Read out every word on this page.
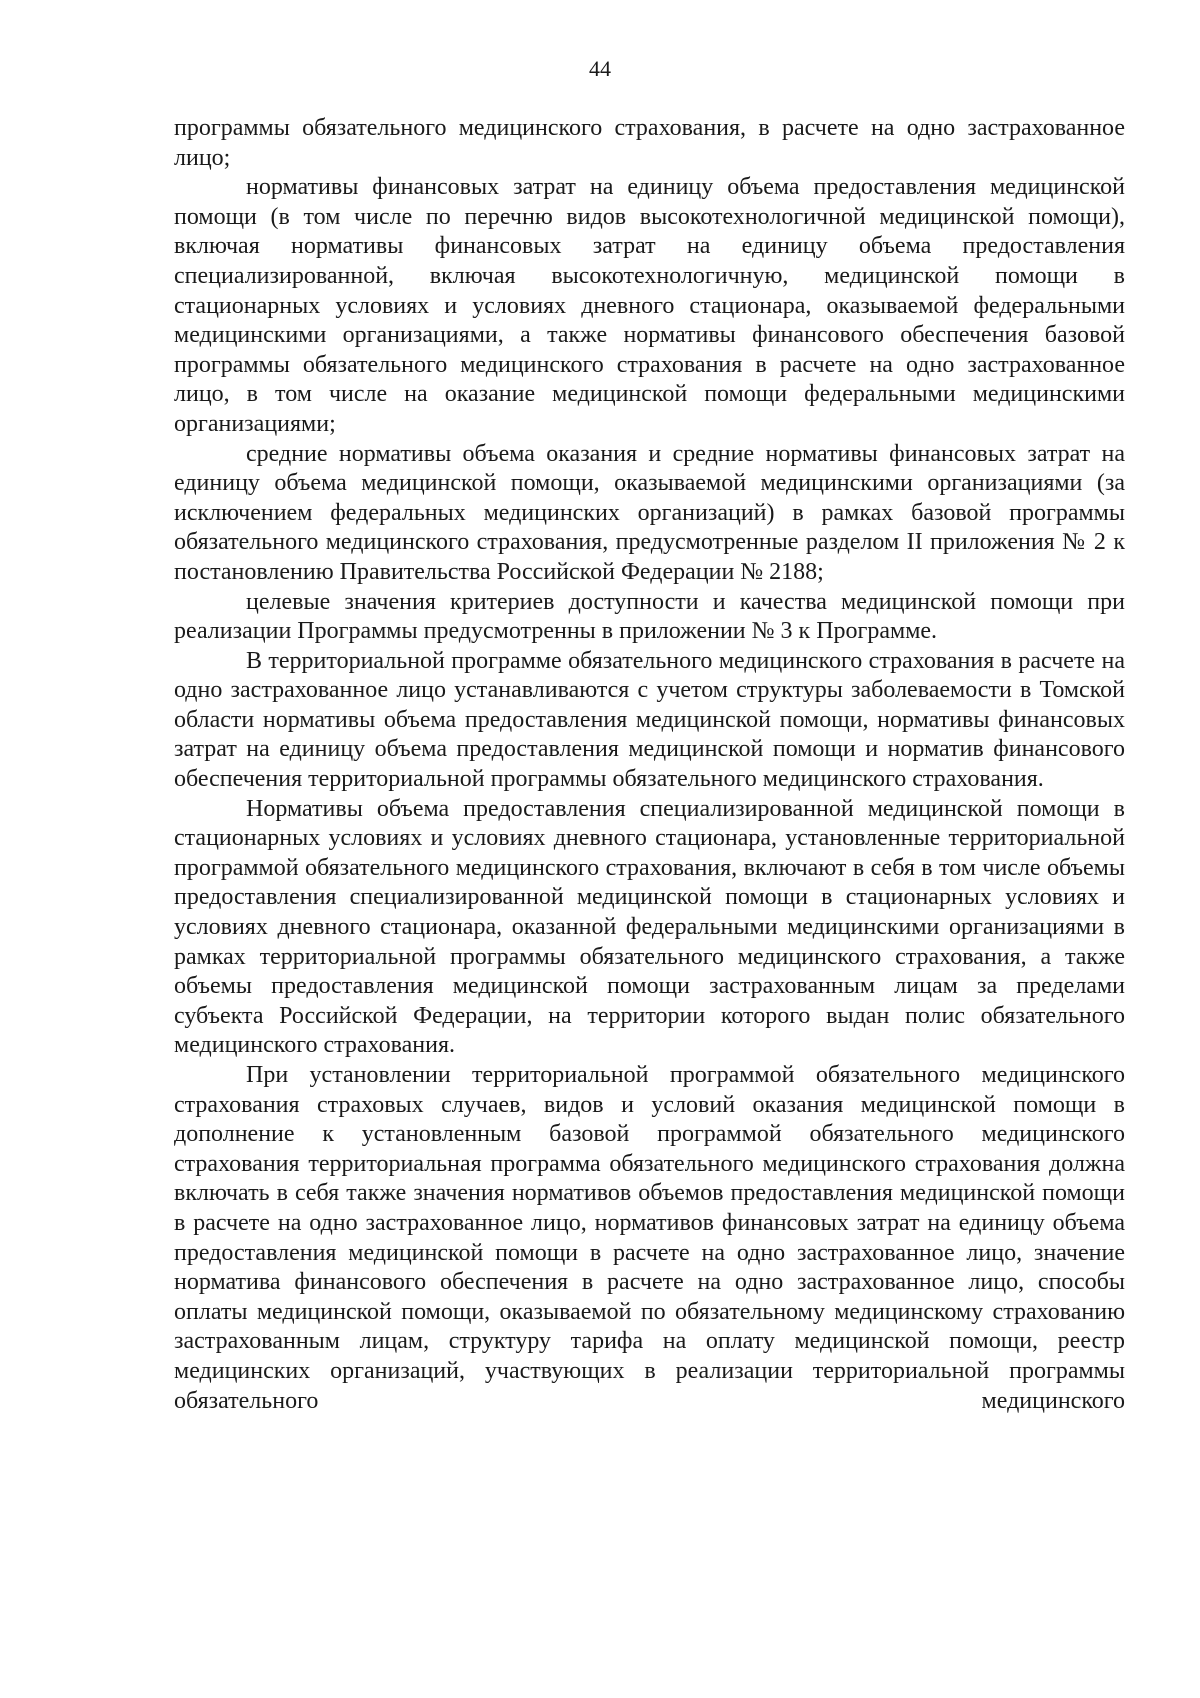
44

программы обязательного медицинского страхования, в расчете на одно застрахованное лицо;

нормативы финансовых затрат на единицу объема предоставления медицинской помощи (в том числе по перечню видов высокотехнологичной медицинской помощи), включая нормативы финансовых затрат на единицу объема предоставления специализированной, включая высокотехнологичную, медицинской помощи в стационарных условиях и условиях дневного стационара, оказываемой федеральными медицинскими организациями, а также нормативы финансового обеспечения базовой программы обязательного медицинского страхования в расчете на одно застрахованное лицо, в том числе на оказание медицинской помощи федеральными медицинскими организациями;

средние нормативы объема оказания и средние нормативы финансовых затрат на единицу объема медицинской помощи, оказываемой медицинскими организациями (за исключением федеральных медицинских организаций) в рамках базовой программы обязательного медицинского страхования, предусмотренные разделом II приложения № 2 к постановлению Правительства Российской Федерации № 2188;

целевые значения критериев доступности и качества медицинской помощи при реализации Программы предусмотренны в приложении № 3 к Программе.

В территориальной программе обязательного медицинского страхования в расчете на одно застрахованное лицо устанавливаются с учетом структуры заболеваемости в Томской области нормативы объема предоставления медицинской помощи, нормативы финансовых затрат на единицу объема предоставления медицинской помощи и норматив финансового обеспечения территориальной программы обязательного медицинского страхования.

Нормативы объема предоставления специализированной медицинской помощи в стационарных условиях и условиях дневного стационара, установленные территориальной программой обязательного медицинского страхования, включают в себя в том числе объемы предоставления специализированной медицинской помощи в стационарных условиях и условиях дневного стационара, оказанной федеральными медицинскими организациями в рамках территориальной программы обязательного медицинского страхования, а также объемы предоставления медицинской помощи застрахованным лицам за пределами субъекта Российской Федерации, на территории которого выдан полис обязательного медицинского страхования.

При установлении территориальной программой обязательного медицинского страхования страховых случаев, видов и условий оказания медицинской помощи в дополнение к установленным базовой программой обязательного медицинского страхования территориальная программа обязательного медицинского страхования должна включать в себя также значения нормативов объемов предоставления медицинской помощи в расчете на одно застрахованное лицо, нормативов финансовых затрат на единицу объема предоставления медицинской помощи в расчете на одно застрахованное лицо, значение норматива финансового обеспечения в расчете на одно застрахованное лицо, способы оплаты медицинской помощи, оказываемой по обязательному медицинскому страхованию застрахованным лицам, структуру тарифа на оплату медицинской помощи, реестр медицинских организаций, участвующих в реализации территориальной программы обязательного медицинского
